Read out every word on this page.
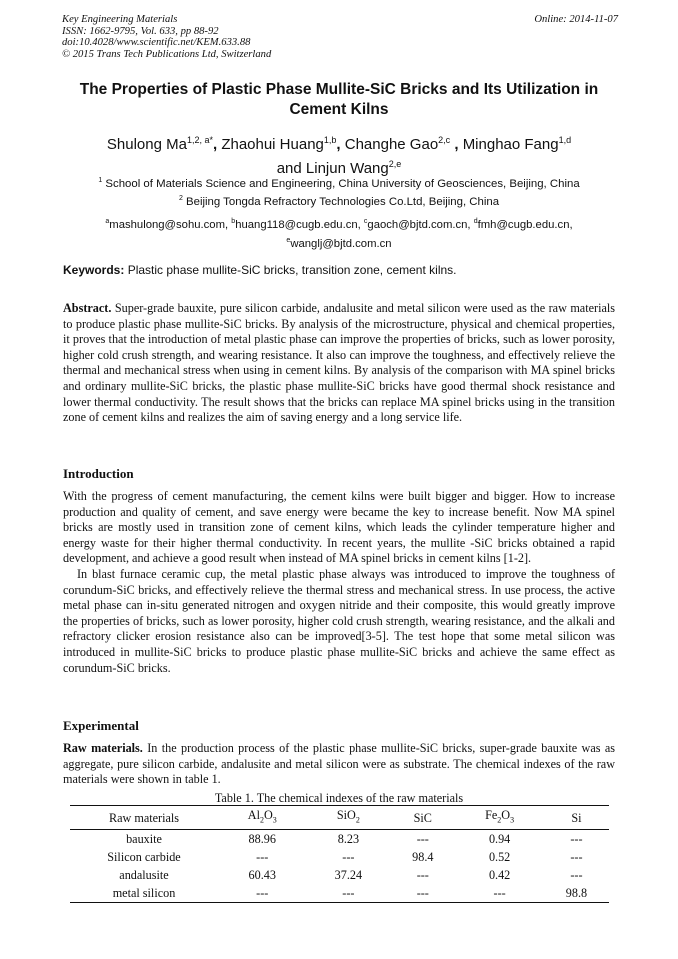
Key Engineering Materials
ISSN: 1662-9795, Vol. 633, pp 88-92
doi:10.4028/www.scientific.net/KEM.633.88
© 2015 Trans Tech Publications Ltd, Switzerland
Online: 2014-11-07
The Properties of Plastic Phase Mullite-SiC Bricks and Its Utilization in
Cement Kilns
Shulong $Ma^{1,2, a*}$, Zhaohui Huang$^{1,b}$, Changhe Gao$^{2,c}$ , Minghao Fang$^{1,d}$
and Linjun Wang$^{2,e}$
$^1$ School of Materials Science and Engineering, China University of Geosciences, Beijing, China
$^2$ Beijing Tongda Refractory Technologies Co.Ltd, Beijing, China
$^a$mashulong@sohu.com, $^b$huang118@cugb.edu.cn, $^c$gaoch@bjtd.com.cn, $^d$fmh@cugb.edu.cn,
$^e$wanglj@bjtd.com.cn
Keywords: Plastic phase mullite-SiC bricks, transition zone, cement kilns.

Abstract. Super-grade bauxite, pure silicon carbide, andalusite and metal silicon were used as the raw materials to produce plastic phase mullite-SiC bricks. By analysis of the microstructure, physical and chemical properties, it proves that the introduction of metal plastic phase can improve the properties of bricks, such as lower porosity, higher cold crush strength, and wearing resistance. It also can improve the toughness, and effectively relieve the thermal and mechanical stress when using in cement kilns. By analysis of the comparison with MA spinel bricks and ordinary mullite-SiC bricks, the plastic phase mullite-SiC bricks have good thermal shock resistance and lower thermal conductivity. The result shows that the bricks can replace MA spinel bricks using in the transition zone of cement kilns and realizes the aim of saving energy and a long service life.

Introduction

With the progress of cement manufacturing, the cement kilns were built bigger and bigger. How to increase production and quality of cement, and save energy were became the key to increase benefit. Now MA spinel bricks are mostly used in transition zone of cement kilns, which leads the cylinder temperature higher and energy waste for their higher thermal conductivity. In recent years, the mullite -SiC bricks obtained a rapid development, and achieve a good result when instead of MA spinel bricks in cement kilns [1-2].

In blast furnace ceramic cup, the metal plastic phase always was introduced to improve the toughness of corundum-SiC bricks, and effectively relieve the thermal stress and mechanical stress. In use process, the active metal phase can in-situ generated nitrogen and oxygen nitride and their composite, this would greatly improve the properties of bricks, such as lower porosity, higher cold crush strength, wearing resistance, and the alkali and refractory clicker erosion resistance also can be improved[3-5]. The test hope that some metal silicon was introduced in mullite-SiC bricks to produce plastic phase mullite-SiC bricks and achieve the same effect as corundum-SiC bricks.

Experimental

Raw materials. In the production process of the plastic phase mullite-SiC bricks, super-grade bauxite was as aggregate, pure silicon carbide, andalusite and metal silicon were as substrate. The chemical indexes of the raw materials were shown in table 1.

Table 1. The chemical indexes of the raw materials
Raw materials	$Al_2O_3$	SiO$_2$	SiC	$Fe_2O_3$	Si
bauxite	88.96	8.23	---	0.94	---
Silicon carbide	---	---	98.4	0.52	---
andalusite	60.43	37.24	---	0.42	---
metal silicon	---	---	---	---	98.8
